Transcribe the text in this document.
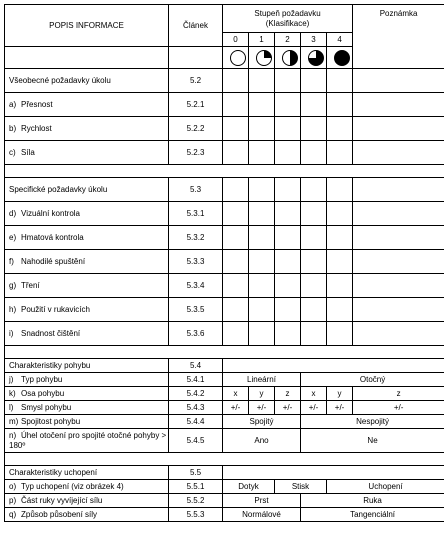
POPIS INFORMACE	Článek	Stupeň požadavku
(Klasifikace)					Poznámka
		0	1	2	3	4	

Všeobecné požadavky úkolu	5.2						
a) Přesnost	5.2.1						
b) Rychlost	5.2.2						
c) Síla	5.2.3						

Specifické požadavky úkolu	5.3						
d) Vizuální kontrola	5.3.1						
e) Hmatová kontrola	5.3.2						
f) Nahodilé spuštění	5.3.3						
g) Tření	5.3.4						
h) Použití v rukavicích	5.3.5						
i) Snadnost čištění	5.3.6						

Charakteristiky pohybu	5.4						
j) Typ pohybu	5.4.1	Lineární			Otočný	
k) Osa pohybu	5.4.2	x	y	z	x	y	z
l) Smysl pohybu	5.4.3	+/-	+/-	+/-	+/-	+/-	+/-
m) Spojitost pohybu	5.4.4	Spojitý			Nespojitý		
n) Úhel otočení pro spojité otočné pohyby > 180º	5.4.5	Ano			Ne		

Charakteristiky uchopení	5.5						
o) Typ uchopení (viz obrázek 4)	5.5.1	Dotyk		Stisk		Uchopení	
p) Část ruky vyvíjející sílu	5.5.2	Prst			Ruka		
q) Způsob působení síly	5.5.3	Normálové			Tangenciální		
